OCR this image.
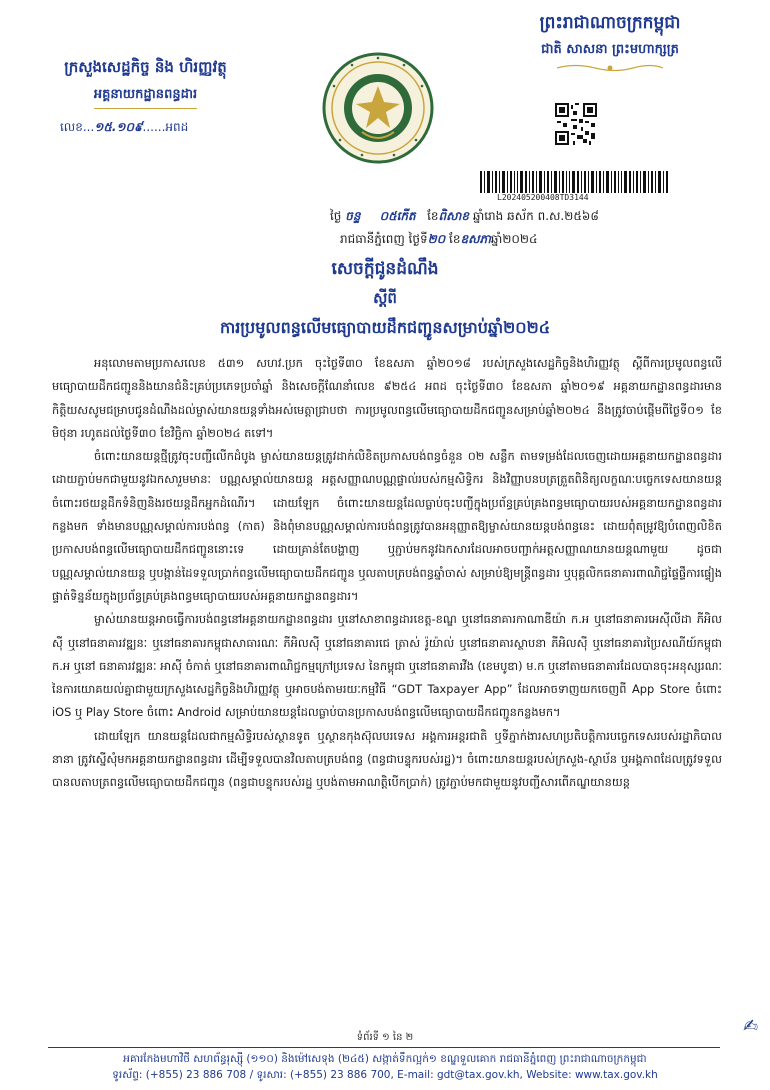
ព្រះរាជាណាចក្រកម្ពុជា
ជាតិ សាសនា ព្រះមហាក្សត្រ
ក្រសួងសេដ្ឋកិច្ច និង ហិរញ្ញវត្ថុ
អគ្គនាយកដ្ឋានពន្ធដារ
លេខ...១៥.១០៩......អពដ
L202405200408TD3144
ថ្ងៃ ចន្ទ ០៥កើត ខែពិសាខ ឆ្នាំរោង ឆស័ក ព.ស.២៥៦៨
រាជធានីភ្នំពេញ ថ្ងៃទី២០ ខែឧសភាឆ្នាំ២០២៤
សេចក្តីជូនដំណឹង
ស្តីពី
ការប្រមូលពន្ធលើមធ្យោបាយដឹកជញ្ជូនសម្រាប់ឆ្នាំ២០២៤

អនុលោមតាមប្រកាសលេខ ៥៣១ សហវ.ប្រក ចុះថ្ងៃទី៣០ ខែឧសភា ឆ្នាំ២០១៨ របស់ក្រសួងសេដ្ឋកិច្ចនិងហិរញ្ញវត្ថុ ស្តីពីការប្រមូលពន្ធលើមធ្យោបាយដឹកជញ្ជូននិងយានជំនិះគ្រប់ប្រភេទប្រចាំឆ្នាំ និងសេចក្តីណែនាំលេខ ៩២៥៤ អពដ ចុះថ្ងៃទី៣០ ខែឧសភា ឆ្នាំ២០១៩ អគ្គនាយកដ្ឋានពន្ធដារមានកិត្តិយសសូមជម្រាបជូនដំណឹងដល់ម្ចាស់យានយន្តទាំងអស់មេត្តាជ្រាបថា ការប្រមូលពន្ធលើមធ្យោបាយដឹកជញ្ជូនសម្រាប់ឆ្នាំ២០២៤ នឹងត្រូវចាប់ផ្តើមពីថ្ងៃទី០១ ខែមិថុនា រហូតដល់ថ្ងៃទី៣០ ខែវិច្ឆិកា ឆ្នាំ២០២៤ តទៅ។

ចំពោះយានយន្តថ្មីត្រូវចុះបញ្ជីលើកដំបូង ម្ចាស់យានយន្តត្រូវដាក់លិខិតប្រកាសបង់ពន្ធចំនួន ០២ សន្លឹក តាមទម្រង់ដែលចេញដោយអគ្គនាយកដ្ឋានពន្ធដារ ដោយភ្ជាប់មកជាមួយនូវឯកសារួមមានៈ បណ្ណសម្គាល់យានយន្ត អត្តសញ្ញាណបណ្ណផ្ទាល់របស់កម្មសិទ្ធិករ និងវិញ្ញាបនបត្រត្រួតពិនិត្យលក្ខណៈបច្ចេកទេសយានយន្តចំពោះរថយន្តដឹកទំនិញនិងរថយន្តដឹកអ្នកដំណើរ។ ដោយឡែក ចំពោះយានយន្តដែលធ្លាប់ចុះបញ្ជីក្នុងប្រព័ន្ធគ្រប់គ្រងពន្ធមធ្យោបាយរបស់អគ្គនាយកដ្ឋានពន្ធដារកន្លងមក ទាំងមានបណ្ណសម្គាល់ការបង់ពន្ធ (កាត) និងពុំមានបណ្ណសម្គាល់ការបង់ពន្ធត្រូវបានអនុញ្ញាតឱ្យម្ចាស់យានយន្តបង់ពន្ធនេះ ដោយពុំតម្រូវឱ្យបំពេញលិខិតប្រកាសបង់ពន្ធលើមធ្យោបាយដឹកជញ្ជូននោះទេ ដោយគ្រាន់តែបង្ហាញ ឬភ្ជាប់មកនូវឯកសារដែលអាចបញ្ជាក់អត្តសញ្ញាណយានយន្តណាមួយ ដូចជា បណ្ណសម្គាល់យានយន្ត ឬបង្កាន់ដៃទទួលប្រាក់ពន្ធលើមធ្យោបាយដឹកជញ្ជូន ឬលតាបត្របង់ពន្ធឆ្នាំចាស់ សម្រាប់ឱ្យមន្ត្រីពន្ធដារ ឬបុគ្គលិកធនាគារពាណិជ្ជផ្ទៃផ្ទឹការផ្ទៀងផ្ទាត់ទិន្នន័យក្នុងប្រព័ន្ធគ្រប់គ្រងពន្ធមធ្យោបាយរបស់អគ្គនាយកដ្ឋានពន្ធដារ។

ម្ចាស់យានយន្តអាចធ្វើការបង់ពន្ធនៅអគ្គនាយកដ្ឋានពន្ធដារ ឬនៅសាខាពន្ធដារខេត្ត-ខណ្ឌ ឬនៅធនាគារកាណាឌីយ៉ា ក.អ ឬនៅធនាគារអេស៊ីលីដា ភីអិលស៊ី ឬនៅធនាគារវឌ្ឍនៈ ឬនៅធនាគារកម្ពុជាសាធារណៈ ភីអិលស៊ី ឬនៅធនាគារជេ ត្រាស់ រ៉ូយ៉ាល់ ឬនៅធនាគារស្ថាបនា ភីអិលស៊ី ឬនៅធនាគារប្រៃសណីយ៍កម្ពុជា ក.អ ឬនៅ ធនាគារវឌ្ឍនៈ អាស៊ី ចំកាត់ ឬនៅធនាគារពាណិជ្ជកម្មក្រៅប្រទេស នៃកម្ពុជា ឬនៅធនាគារវីង (ខេមបូឌា) ម.ក ឬនៅតាមធនាគារដែលបានចុះអនុស្សរណៈនៃការយោគយល់គ្នាជាមួយក្រសួងសេដ្ឋកិច្ចនិងហិរញ្ញវត្ថុ ឬអាចបង់តាមរយៈកម្មវិធី “GDT Taxpayer App” ដែលអាចទាញយកចេញពី App Store ចំពោះ iOS ឬ Play Store ចំពោះ Android សម្រាប់យានយន្តដែលធ្លាប់បានប្រកាសបង់ពន្ធលើមធ្យោបាយដឹកជញ្ជូនកន្លងមក។

ដោយឡែក យានយន្តដែលជាកម្មសិទ្ធិរបស់ស្ថានទូត ឬស្ថានកុងស៊ុលបរទេស អង្គការអន្តរជាតិ ឬទីភ្នាក់ងារសហប្រតិបត្តិការបច្ចេកទេសរបស់រដ្ឋាភិបាលនានា ត្រូវស្នើសុំមកអគ្គនាយកដ្ឋានពន្ធដារ ដើម្បីទទួលបានវិលតាបត្របង់ពន្ធ (ពន្ធជាបន្ទុករបស់រដ្ឋ)។ ចំពោះយានយន្តរបស់ក្រសួង-ស្ថាប័ន ឬអង្គភាពដែលត្រូវទទួលបានលតាបត្រពន្ធលើមធ្យោបាយដឹកជញ្ជូន (ពន្ធជាបន្ទុករបស់រដ្ឋ ឬបង់តាមអាណត្តិបើកប្រាក់) ត្រូវភ្ជាប់មកជាមួយនូវបញ្ជីសារពើភណ្ឌយានយន្ត

ទំព័រទី ១ នៃ ២
✍
អគារកែងមហាវិថី សហព័ន្ធរុស្ស៊ី (១១០) និងម៉ៅសេទុង (២៤៥) សង្កាត់ទឹកល្អក់១ ខណ្ឌទួលគោក រាជធានីភ្នំពេញ ព្រះរាជាណាចក្រកម្ពុជា
ទូរស័ព្ទ: (+855) 23 886 708 / ទូរសារ: (+855) 23 886 700, E-mail: gdt@tax.gov.kh, Website: www.tax.gov.kh
